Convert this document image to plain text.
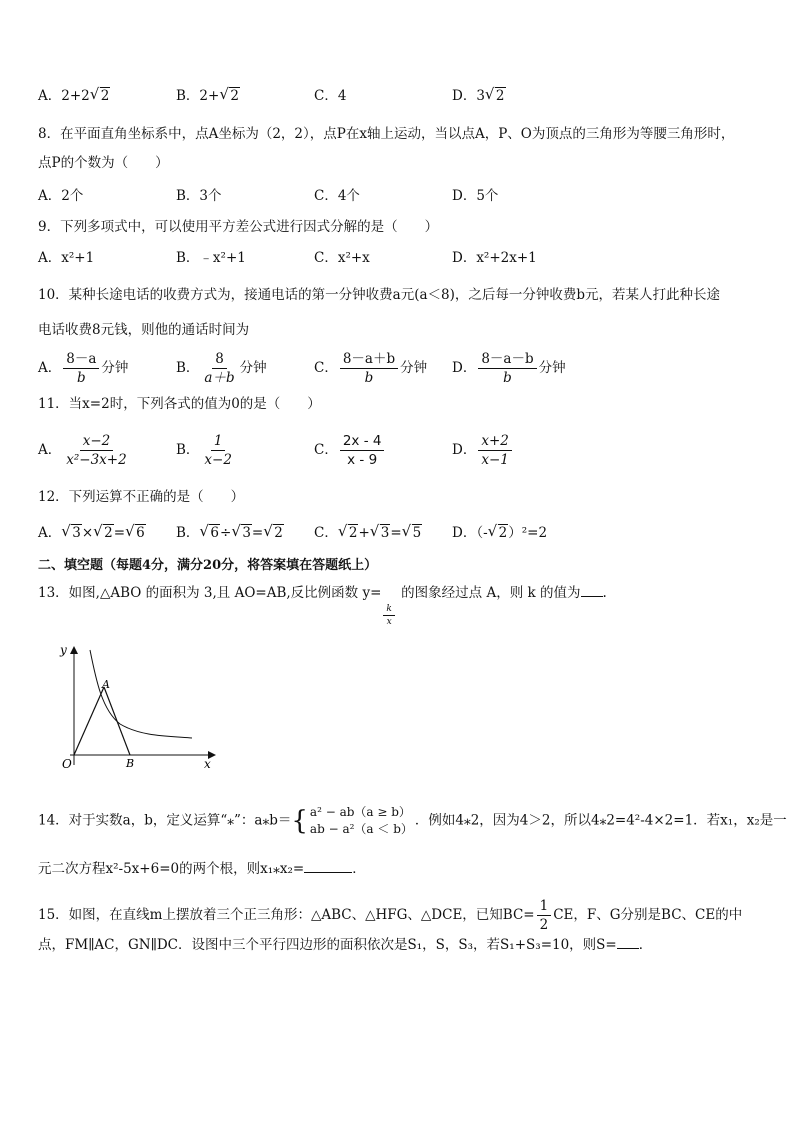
A．2+2 √ 2	B．2+ √ 2	C．4	D．3 √ 2
8．在平面直角坐标系中，点A坐标为（2，2），点P在x轴上运动，当以点A，P、O为顶点的三角形为等腰三角形时，
点P的个数为（　　）
A．2个	B．3个	C．4个	D．5个
9．下列多项式中，可以使用平方差公式进行因式分解的是（　　）
A．x²+1	B．﹣x²+1	C．x²+x	D．x²+2x+1
10．某种长途电话的收费方式为，接通电话的第一分钟收费a元(a＜8)，之后每一分钟收费b元，若某人打此种长途
电话收费8元钱，则他的通话时间为
A． $\frac{8-a}{b}$ 分钟	B． $\frac{8}{a+b}$ 分钟	C． $\frac{8-a+b}{b}$ 分钟 D． $\frac{8-a-b}{b}$ 分钟
11．当x=2时，下列各式的值为0的是（　　）
A． $\frac{x-2}{\text{x²−3x+2}}$	B． $\frac{1}{x-2}$	C． $\frac{2x - 4}{x - 9}$	D． $\frac{x+2}{x-1}$
12．下列运算不正确的是（　　）
A． √ 3× √ 2= √ 6 B． √ 6÷ √ 3= √ 2 C． √ 2+ √ 3= √ 5 D．（- √ 2）²=2
二、填空题（每题4分，满分20分，将答案填在答题纸上）
13．如图,△ABO 的面积为 3,且 AO=AB,反比例函数 y=
$\frac{k}{x}$
的图象经过点 A，则 k 的值为 .
y
x
O
A
B
14．对于实数a，b，定义运算“⁎”：a⁎b＝{ a² − ab（a ≥ b）
ab − a²（a ＜ b）
．例如4⁎2，因为4＞2，所以4⁎2=4²-4×2=1．若x₁，x₂是一
元二次方程x²-5x+6=0的两个根，则x₁⁎x₂=	．
15．如图，在直线m上摆放着三个正三角形：△ABC、△HFG、△DCE，已知$BC= \frac{1}{2}$ CE，F、G分别是BC、CE的中
点，FM∥AC，GN∥DC．设图中三个平行四边形的面积依次是S₁，S，S₃，若S₁+S₃=10，则S= ．
